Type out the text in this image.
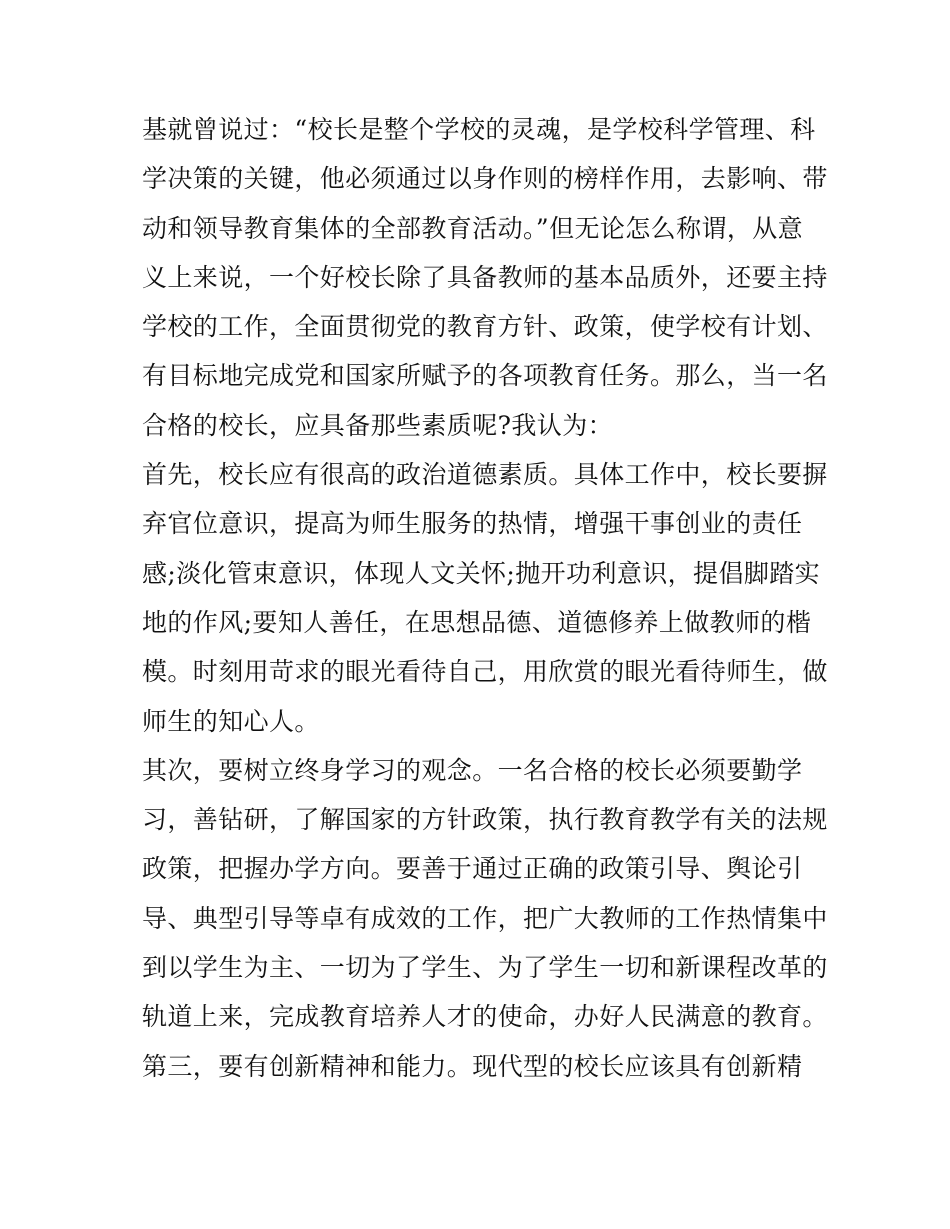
基就曾说过：“校长是整个学校的灵魂，是学校科学管理、科
学决策的关键，他必须通过以身作则的榜样作用，去影响、带
动和领导教育集体的全部教育活动。”但无论怎么称谓，从意
义上来说，一个好校长除了具备教师的基本品质外，还要主持
学校的工作，全面贯彻党的教育方针、政策，使学校有计划、
有目标地完成党和国家所赋予的各项教育任务。那么，当一名
合格的校长，应具备那些素质呢?我认为：
首先，校长应有很高的政治道德素质。具体工作中，校长要摒
弃官位意识，提高为师生服务的热情，增强干事创业的责任
感;淡化管束意识，体现人文关怀;抛开功利意识，提倡脚踏实
地的作风;要知人善任，在思想品德、道德修养上做教师的楷
模。时刻用苛求的眼光看待自己，用欣赏的眼光看待师生，做
师生的知心人。
其次，要树立终身学习的观念。一名合格的校长必须要勤学
习，善钻研，了解国家的方针政策，执行教育教学有关的法规
政策，把握办学方向。要善于通过正确的政策引导、舆论引
导、典型引导等卓有成效的工作，把广大教师的工作热情集中
到以学生为主、一切为了学生、为了学生一切和新课程改革的
轨道上来，完成教育培养人才的使命，办好人民满意的教育。
第三，要有创新精神和能力。现代型的校长应该具有创新精
